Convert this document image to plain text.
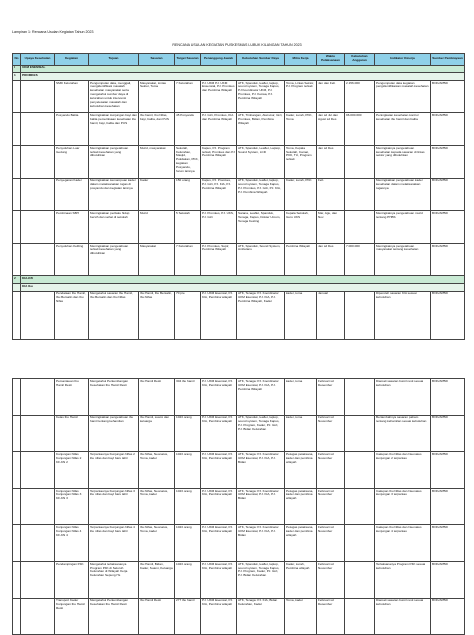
Lampiran 1: Rencana Usulan Kegiatan Tahun 2023
RENCANA USULAN KEGIATAN PUSKESMAS LUBUK KILANGAN TAHUN 2023
No	Upaya Kesehatan	Kegiatan	Tujuan	Sasaran	Target Sasaran	Penanggung Jawab	Kebutuhan Sumber Daya	Mitra Kerja	Waktu Pelaksanaan	Kebutuhan Anggaran	Indikator Kinerja	Sumber Pembiayaan
I	UKM ESENSIAL											
1	PROMKES											
		SMD Kelurahan	Pengumpulan data, menggali, mengidentifikasi masalah kesehatan masyarakat serta mengetahui sumber daya di kelurahan untuk intervensi penyelesaian masalah dan kebutuhan kesehatan	Masyarakat, Lintas Sektor, Toma	7 Kelurahan	PJ. UKM PJ. UKM Essensial, PJ. Promkes dan Pembina Wilayah	ATK, Spanduk, leaflet, laptop, sound system, Tenaga Kapus, PJ Koordinator UKM, PJ. Promkes, PJ. Keswa, PJ. Pembina Wilayah	Toma, Lintas Sektor, PJ. Program terkait	Jan dan Feb	2.156.000	Pengumpulan data kegiatan pengidentifikasian masalah kesehatan	BOK/APBD
		Posyandu Balita	Meningkatkan kunjungan bayi dan balita pemeriksaan kesehatan ibu hamil, bayi, balita dan PUS	Ibu hamil, Ibu Nifas, bayi, balita, dan PUS	45 Posyandu	PJ. Gizi, Promkes, KIA dan Pembina Wilayah	ATK, Timbangan, Alat ukur, Gizi, Promkes, Bidan, Pembina Wilayah	Kader, Lurah, PKK, Toma	Jan sd Jul dan Agust sd Des	96.000.000	Peningkatan kesehatan kontrol kesehatan ibu hamil dan balita	BOK/APBD
		Penyuluhan Luar Gedung	Meningkatkan pengetahuan terkait kesehatan yang dibutuhkan	Murid, masyarakat	Sekolah, Kelurahan, Masjid, Pokdakan, PKK, kegiatan Posyandu, forum lainnya	Kapus, PJ. Program terkait, Promkes dan PJ Pembina Wilayah	ATK, Spanduk, Leaflet, Laptop, Sound System, LCD	Toma, Kepala Sekolah, Camat, PKK, TU, Program terkait	Jan sd Des		Meningkatnya pengetahuan kesehatan kepada sasaran di lintas sektor yang dibutuhkan	BOK/APBD
		Penyegaran Kader	Meningkatkan kemampuan kader dalam melaksanakan tugas di posyandu dan kegiatan lainnya	Kader	150 orang	Kapus, PJ. Promkes, PJ. Gizi, PJ. KIA, PJ. Pembina Wilayah	ATK, Spanduk, leaflet, laptop, sound system, Tenaga Kapus, PJ. Promkes, PJ. Gizi, PJ. KIA, PJ. Pembina Wilayah	Kader, Lurah, PKK	Feb		Meningkatkan pengetahuan kader kesehatan dalam melaksanakan tugasnya	BOK/APBD
		Pembinaan SBH	Meningkatkan perilaku hidup bersih dan sehat di sekolah	Murid	5 Sekolah	PJ. Promkes, PJ. UKS, PJ. Gizi	Sarana, Leaflet, Spanduk, Tenaga, Kapus, Dokter Umum, Tenaga Kesling	Kepala Sekolah, Guru UKS	Mar, Agu, dan Nov		Meningkatnya pengetahuan murid tentang PHBS	BOK/APBD
		Penyuluhan Keliling	Meningkatkan pengetahuan terkait kesehatan yang dibutuhkan	Masyarakat	7 Kelurahan	PJ. Promkes, Supir, Pembina Wilayah	ATK, Spanduk, Sound System, Ambulans	Pembina Wilayah	Jan sd Des	7.000.000	Meningkatnya pengetahuan masyarakat tentang kesehatan	BOK/APBD
2	KIA-KB											
	KIA Ibu											
		Pendataan Ibu Hamil, Ibu Bersalin dan Ibu Nifas	Mengetahui sasaran Ibu Hamil, Ibu Bersalin dan Ibu Nifas	Ibu Hamil, Ibu Bersalin, Ibu Nifas	70 pre	PJ. UKM Esensial, PJ. KIA, Pembina wilayah	ATK, Tenaga: PJ. Koordinator UKM Esensial, PJ. KIA, PJ. Pembina Wilayah, Kader	kader, toma	Januari		Diperoleh sasaran KIA sesuai kebutuhan	BOK/APBD
		Pemantauan Ibu Hamil Resti	Mengetahui Perkembangan Kesehatan Ibu Hamil Resti	Ibu Hamil Resti	304 ibu hamil	PJ. UKM Esensial, PJ. KIA, Pembina wilayah	ATK, Tenaga: PJ. Koordinator UKM Esensial, PJ. KIA, PJ. Pembina Wilayah	kader, toma	Februari sd Desember		Diamati sasaran bumil resti sesuai kebutuhan	BOK/APBD
		Kelas Ibu Hamil	Meningkatkan pengetahuan ibu hamil tentang kehamilan	Ibu Hamil, suami dan keluarga	1023 orang	PJ. UKM Esensial, PJ. KIA, Pembina wilayah	ATK, Spanduk, leaflet, laptop, sound system, Tenaga Kapus, PJ. Program, Kader, PJ. Gizi, PJ. Bidan Kelurahan	kader, toma	Februari sd November		Bertambahnya sasaran paham tentang kehamilan sesuai kebutuhan	BOK/APBD
		Kunjungan Nifas Kunjungan Nifas 2 KF-KN 2	Terpantaunya Kunjungan Nifas 2 ibu nifas dan bayi baru lahir	Ibu Nifas, Neonatus, Toma, kader	1023 orang	PJ. UKM Esensial, PJ. KIA, Pembina wilayah	ATK, Tenaga: PJ. Koordinator UKM Esensial, PJ. KIA, PJ. Bidan	Petugas pelaksana, kader dan pembina wilayah	Februari sd November		Cakupan Ibu Nifas dan Neonatus kunjungan 2 terpantau	BOK/APBD
		Kunjungan Nifas Kunjungan Nifas 3 KF-KN 3	Terpantaunya Kunjungan Nifas 3 ibu nifas dan bayi baru lahir	Ibu Nifas, Neonatus, Toma, kader	1023 orang	PJ. UKM Esensial, PJ. KIA, Pembina wilayah	ATK, Tenaga: PJ. Koordinator UKM Esensial, PJ. KIA, PJ. Bidan	Petugas pelaksana, kader dan pembina wilayah	Februari sd November		Cakupan Ibu Nifas dan Neonatus kunjungan 3 terpantau	BOK/APBD
		Kunjungan Nifas Kunjungan Nifas 4 KF-KN 4	Terpantaunya Kunjungan Nifas 4 ibu nifas dan bayi baru lahir	Ibu Nifas, Neonatus, Toma, kader	1023 orang	PJ. UKM Esensial, PJ. KIA, Pembina wilayah	ATK, Tenaga: PJ. Koordinator UKM Esensial, PJ. KIA, PJ. Bidan	Petugas pelaksana, kader dan pembina wilayah	Februari sd November		Cakupan Ibu Nifas dan Neonatus kunjungan 4 terpantau	BOK/APBD
		Pendampingan P4K	Mengetahui terlaksananya Program P4K di Seluruh Kelurahan di Wilayah Kerja Kelurahan Sepung Hs	Ibu Hamil, Bidan, Kader, Suami, Keluarga	1023 orang	PJ. UKM Esensial, PJ. KIA, Pembina wilayah	ATK, Spanduk, leaflet, laptop, sound system, Tenaga Kapus, PJ. Program, Kader, PJ. Gizi, PJ. Bidan Kelurahan	Kader, Lurah, Pembina wilayah	Februari sd November		Terlaksananya Program P4K sesuai kebutuhan	BOK/APBD
		Transport Kader Kunjungan Ibu Hamil Resti	Mengetahui Perkembangan Kesehatan Ibu Hamil Resti	Ibu Hamil Resti	277 ibu hamil	PJ. UKM Esensial, PJ. KIA, Pembina wilayah	ATK, Tenaga: PJ. KIA, Bidan Kelurahan, Kader	Toma, kader	Februari sd Desember		Diamati sasaran bumil resti sesuai kebutuhan	BOK/APBD
